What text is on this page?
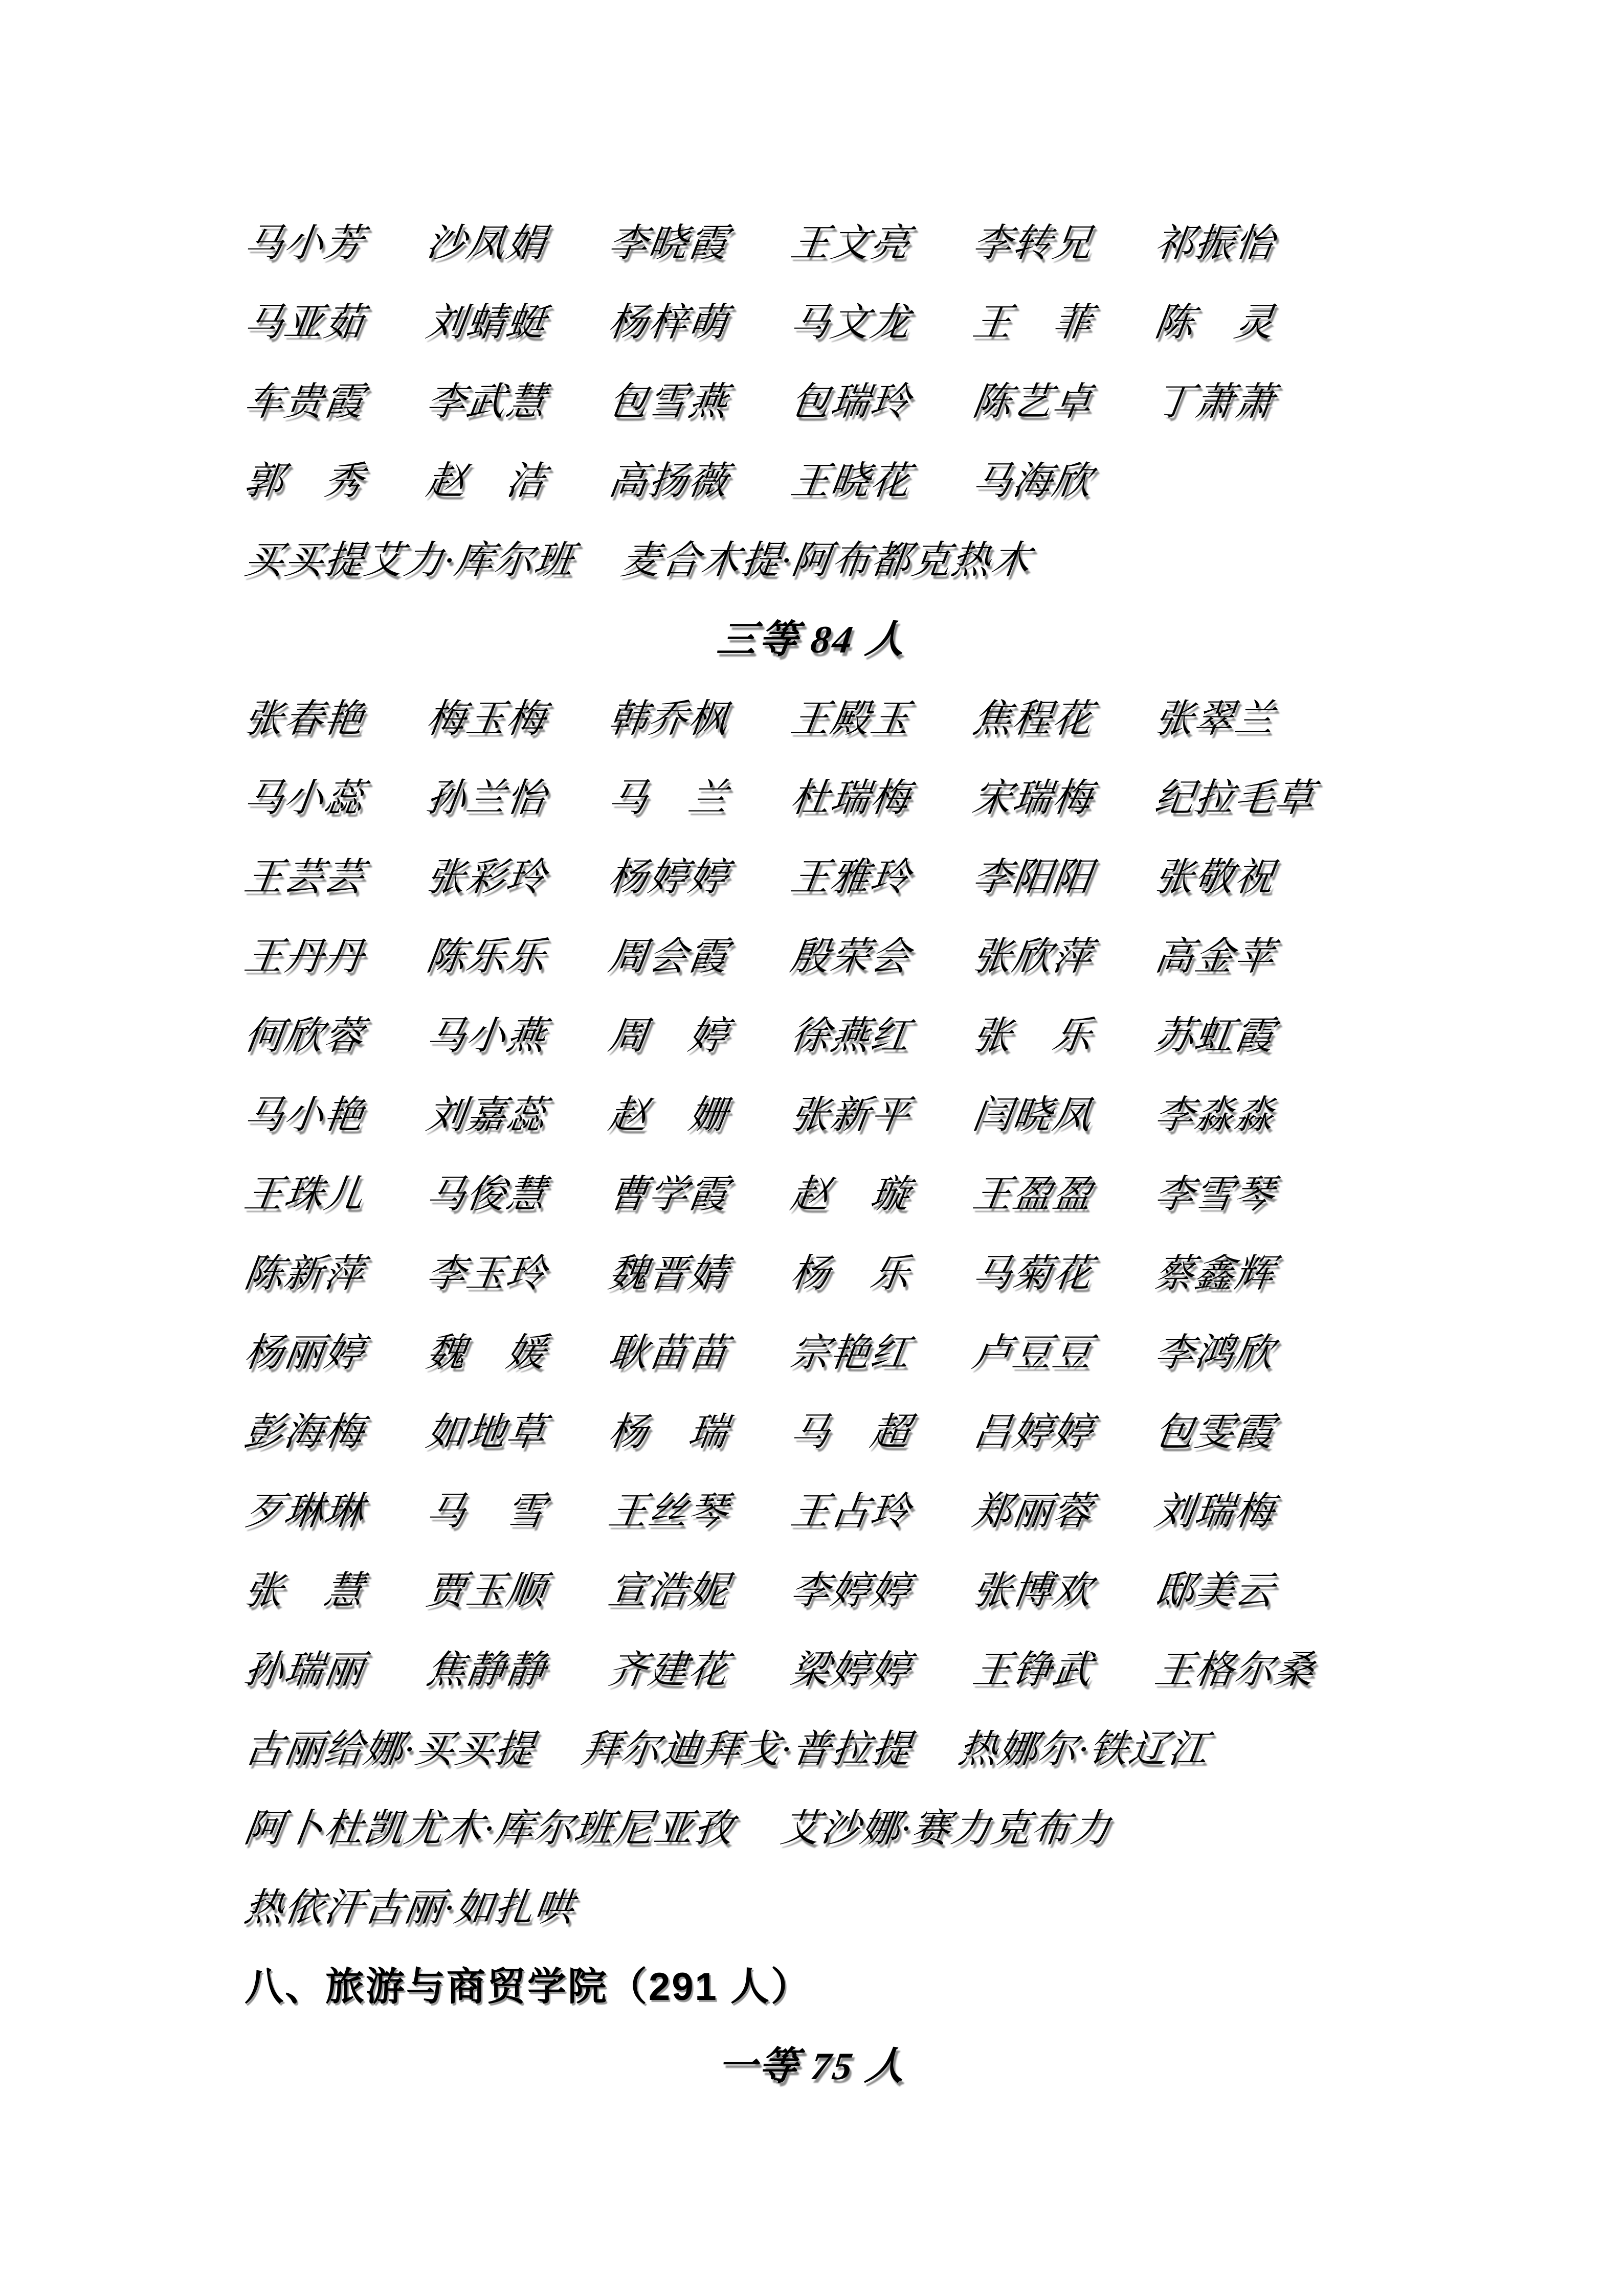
马小芳	沙凤娟	李晓霞	王文亮	李转兄	祁振怡
马亚茹	刘蜻蜓	杨梓萌	马文龙	王　菲	陈　灵
车贵霞	李武慧	包雪燕	包瑞玲	陈艺卓	丁萧萧
郭　秀	赵　洁	高扬薇	王晓花	马海欣
买买提艾力·库尔班 麦合木提·阿布都克热木
三等 84 人
张春艳	梅玉梅	韩乔枫	王殿玉	焦程花	张翠兰
马小蕊	孙兰怡	马　兰	杜瑞梅	宋瑞梅	纪拉毛草
王芸芸	张彩玲	杨婷婷	王雅玲	李阳阳	张敬祝
王丹丹	陈乐乐	周会霞	殷荣会	张欣萍	高金苹
何欣蓉	马小燕	周　婷	徐燕红	张　乐	苏虹霞
马小艳	刘嘉蕊	赵　姗	张新平	闫晓凤	李淼淼
王珠儿	马俊慧	曹学霞	赵　璇	王盈盈	李雪琴
陈新萍	李玉玲	魏晋婧	杨　乐	马菊花	蔡鑫辉
杨丽婷	魏　媛	耿苗苗	宗艳红	卢豆豆	李鸿欣
彭海梅	如地草	杨　瑞	马　超	吕婷婷	包雯霞
歹琳琳	马　雪	王丝琴	王占玲	郑丽蓉	刘瑞梅
张　慧	贾玉顺	宣浩妮	李婷婷	张博欢	邸美云
孙瑞丽	焦静静	齐建花	梁婷婷	王铮武	王格尔桑
古丽给娜·买买提 拜尔迪拜戈·普拉提 热娜尔·铁辽江
阿卜杜凯尤木·库尔班尼亚孜 艾沙娜·赛力克布力
热依汗古丽·如扎哄
八、旅游与商贸学院（291 人）
一等 75 人
